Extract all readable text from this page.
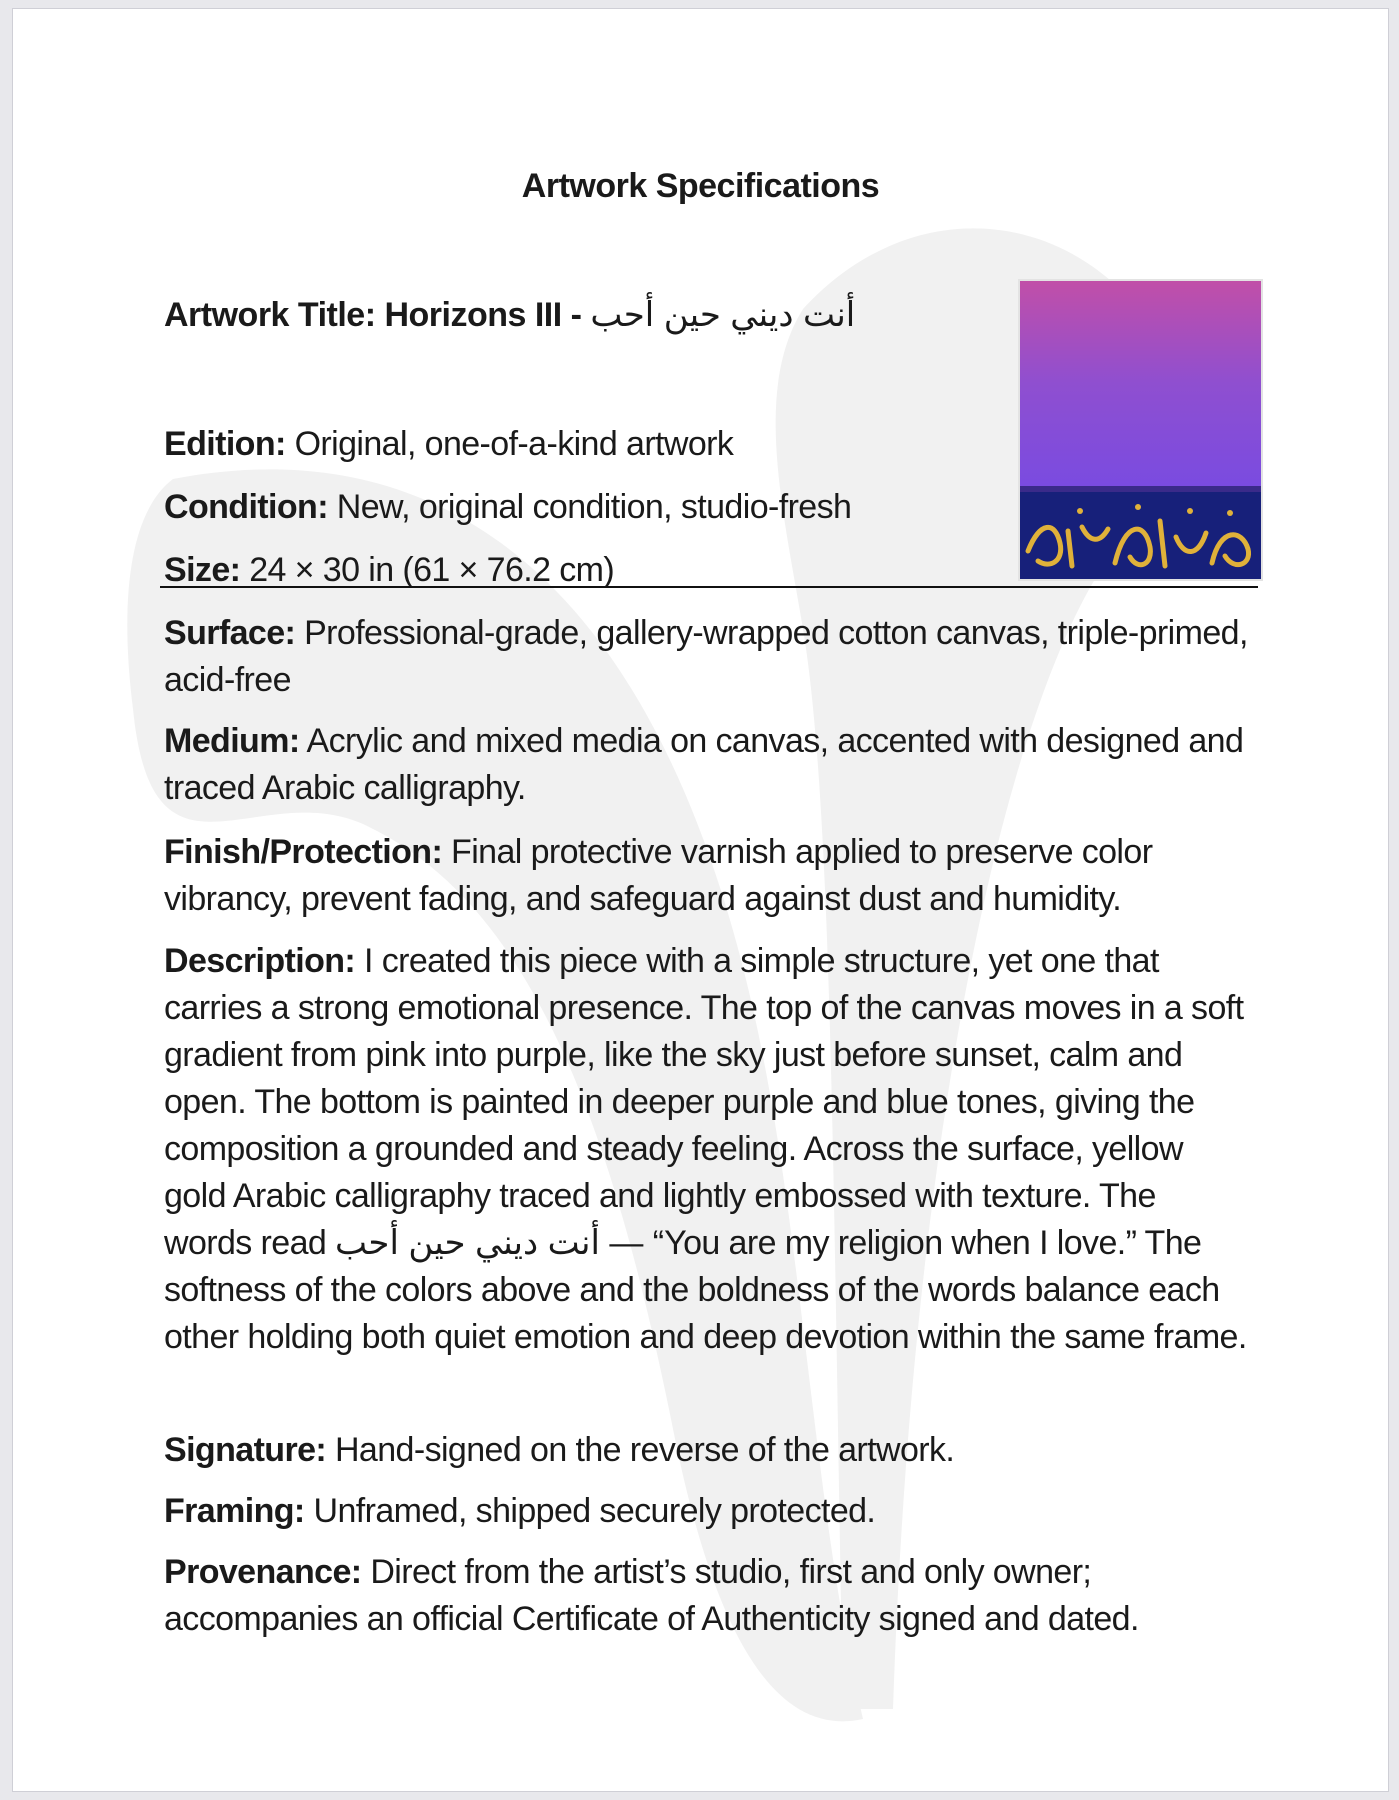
Artwork Specifications
Artwork Title: Horizons III - أنت ديني حين أحب
Edition: Original, one-of-a-kind artwork
Condition: New, original condition, studio-fresh
Size: 24 × 30 in (61 × 76.2 cm)
Surface: Professional-grade, gallery-wrapped cotton canvas, triple-primed, acid-free
Medium: Acrylic and mixed media on canvas, accented with designed and traced Arabic calligraphy.
Finish/Protection: Final protective varnish applied to preserve color vibrancy, prevent fading, and safeguard against dust and humidity.
Description: I created this piece with a simple structure, yet one that carries a strong emotional presence. The top of the canvas moves in a soft gradient from pink into purple, like the sky just before sunset, calm and open. The bottom is painted in deeper purple and blue tones, giving the composition a grounded and steady feeling. Across the surface, yellow gold Arabic calligraphy traced and lightly embossed with texture. The words read أنت ديني حين أحب — “You are my religion when I love.” The softness of the colors above and the boldness of the words balance each other holding both quiet emotion and deep devotion within the same frame.
Signature: Hand-signed on the reverse of the artwork.
Framing: Unframed, shipped securely protected.
Provenance: Direct from the artist’s studio, first and only owner; accompanies an official Certificate of Authenticity signed and dated.
